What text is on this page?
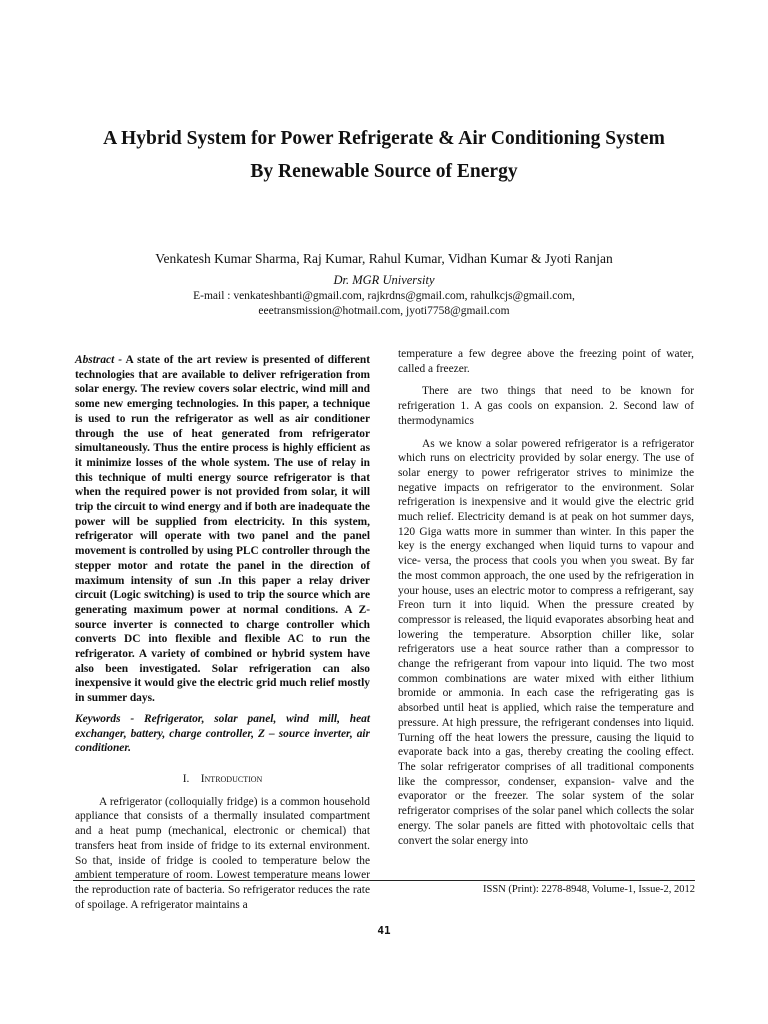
A Hybrid System for Power Refrigerate & Air Conditioning System
By Renewable Source of Energy
Venkatesh Kumar Sharma, Raj Kumar, Rahul Kumar, Vidhan Kumar & Jyoti Ranjan
Dr. MGR University
E-mail : venkateshbanti@gmail.com, rajkrdns@gmail.com, rahulkcjs@gmail.com,
eeetransmission@hotmail.com, jyoti7758@gmail.com

Abstract - A state of the art review is presented of different technologies that are available to deliver refrigeration from solar energy. The review covers solar electric, wind mill and some new emerging technologies. In this paper, a technique is used to run the refrigerator as well as air conditioner through the use of heat generated from refrigerator simultaneously. Thus the entire process is highly efficient as it minimize losses of the whole system. The use of relay in this technique of multi energy source refrigerator is that when the required power is not provided from solar, it will trip the circuit to wind energy and if both are inadequate the power will be supplied from electricity. In this system, refrigerator will operate with two panel and the panel movement is controlled by using PLC controller through the stepper motor and rotate the panel in the direction of maximum intensity of sun .In this paper a relay driver circuit (Logic switching) is used to trip the source which are generating maximum power at normal conditions. A Z- source inverter is connected to charge controller which converts DC into flexible and flexible AC to run the refrigerator. A variety of combined or hybrid system have also been investigated. Solar refrigeration can also inexpensive it would give the electric grid much relief mostly in summer days.

Keywords - Refrigerator, solar panel, wind mill, heat exchanger, battery, charge controller, Z – source inverter, air conditioner.

I. Introduction

A refrigerator (colloquially fridge) is a common household appliance that consists of a thermally insulated compartment and a heat pump (mechanical, electronic or chemical) that transfers heat from inside of fridge to its external environment. So that, inside of fridge is cooled to temperature below the ambient temperature of room. Lowest temperature means lower the reproduction rate of bacteria. So refrigerator reduces the rate of spoilage. A refrigerator maintains a

temperature a few degree above the freezing point of water, called a freezer.

There are two things that need to be known for refrigeration 1. A gas cools on expansion. 2. Second law of thermodynamics

As we know a solar powered refrigerator is a refrigerator which runs on electricity provided by solar energy. The use of solar energy to power refrigerator strives to minimize the negative impacts on refrigerator to the environment. Solar refrigeration is inexpensive and it would give the electric grid much relief. Electricity demand is at peak on hot summer days, 120 Giga watts more in summer than winter. In this paper the key is the energy exchanged when liquid turns to vapour and vice- versa, the process that cools you when you sweat. By far the most common approach, the one used by the refrigeration in your house, uses an electric motor to compress a refrigerant, say Freon turn it into liquid. When the pressure created by compressor is released, the liquid evaporates absorbing heat and lowering the temperature. Absorption chiller like, solar refrigerators use a heat source rather than a compressor to change the refrigerant from vapour into liquid. The two most common combinations are water mixed with either lithium bromide or ammonia. In each case the refrigerating gas is absorbed until heat is applied, which raise the temperature and pressure. At high pressure, the refrigerant condenses into liquid. Turning off the heat lowers the pressure, causing the liquid to evaporate back into a gas, thereby creating the cooling effect. The solar refrigerator comprises of all traditional components like the compressor, condenser, expansion- valve and the evaporator or the freezer. The solar system of the solar refrigerator comprises of the solar panel which collects the solar energy. The solar panels are fitted with photovoltaic cells that convert the solar energy into

ISSN (Print): 2278-8948, Volume-1, Issue-2, 2012
41
